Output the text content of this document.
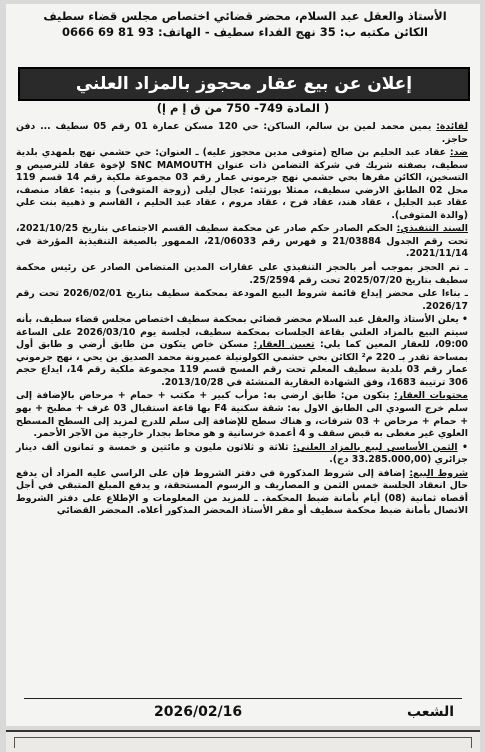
الأستاذ والعقل عبد السلام، محضر قضائي اختصاص مجلس قضاء سطيف
الكائن مكتبه ب: 35 نهج الفداء سطيف - الهاتف: 0666 69 81 93
إعلان عن بيع عقار محجوز بالمزاد العلني
( المادة 749- 750 من ق إ م إ)

لفائدة: يمين محمد لمين بن سالم، الساكن: حي 120 مسكن عمارة 01 رقم 05 سطيف ... دفن حاجز.

ضد: عقاد عبد الحليم بن صالح (متوفى مدين محجوز عليه) ـ العنوان: حي حشمي نهج بلمهدي بلدية سطيف، بصفته شريك في شركة التضامن ذات عنوان SNC MAMOUTH لإخوة عقاد للترصيص و التسخين، الكائن مقرها بحي حشمي نهج جرموني عمار رقم 03 مجموعة ملكية رقم 14 قسم 119 محل 02 الطابق الارضي سطيف، ممثلا بورثته: عجال ليلى (زوجة المتوفى) و بنيه: عقاد منصف، عقاد عبد الجليل ، عقاد هند، عقاد فرح ، عقاد مروم ، عقاد عبد الحليم ، القاسم و ذهبية بنت علي (والدة المتوفى).

السند التنفيذي: الحكم الصادر حكم صادر عن محكمة سطيف القسم الاجتماعي بتاريخ 2021/10/25، تحت رقم الجدول 21/03884 و فهرس رقم 21/06033، الممهور بالصيغة التنفيذية المؤرخة في 2021/11/14.

ـ تم الحجز بموجب أمر بالحجز التنفيذي على عقارات المدين المتضامن الصادر عن رئيس محكمة سطيف بتاريخ 2025/07/20 تحت رقم 25/2594.

ـ بناءا على محضر إيداع قائمة شروط البيع المودعة بمحكمة سطيف بتاريخ 2026/02/01 تحت رقم 2026/17.

• يعلن الأستاذ والعقل عبد السلام محضر قضائي بمحكمة سطيف اختصاص مجلس قضاء سطيف، بأنه سيتم البيع بالمزاد العلني بقاعة الجلسات بمحكمة سطيف، لجلسة يوم 2026/03/10 على الساعة 09:00، للعقار المعين كما يلي: تعيين العقار: مسكن خاص يتكون من طابق أرضي و طابق أول بمساحة تقدر بـ 220 م² الكائن بحي حشمي الكولونيلة عميرونة محمد الصديق بن يحي ، نهج جرموني عمار رقم 03 بلدية سطيف المعلم تحت رقم المسح قسم 119 مجموعة ملكية رقم 14، ايداع حجم 306 ترتيبة 1683، وفق الشهادة العقارية المنشئة في 2013/10/28.

محتويات العقار: يتكون من: طابق ارضي به: مرأب كبير + مكتب + حمام + مرحاض بالإضافة إلى سلم خرج السودي الى الطابق الاول به: شقة سكنية F4 بها قاعة استقبال 03 غرف + مطبخ + بهو + حمام + مرحاض + 03 شرفات، و هناك سطح للإضافة إلى سلم للدرج لمزيد إلى السطح المسطح العلوي غير مغطى به قبض سقف و 4 أعمدة خرسانية و هو محاط بجدار خارجية من الآجر الأحمر.

• الثمن الأساسي لبيع بالمزاد العلني: ثلاثة و ثلاثون مليون و مائتين و خمسة و ثمانون ألف دينار جزائري (33.285.000,00 دج).

شروط البيع: إضافة إلى شروط المذكورة في دفتر الشروط فإن على الراسي عليه المزاد أن يدفع حال انعقاد الجلسة خمس الثمن و المصاريف و الرسوم المستحقة، و يدفع المبلغ المتبقي في أجل أقصاه ثمانية (08) أيام بأمانة ضبط المحكمة. ـ للمزيد من المعلومات و الإطلاع على دفتر الشروط الاتصال بأمانة ضبط محكمة سطيف أو مقر الأستاذ المحضر المذكور أعلاه. المحضر القضائي

الشعب
2026/02/16
